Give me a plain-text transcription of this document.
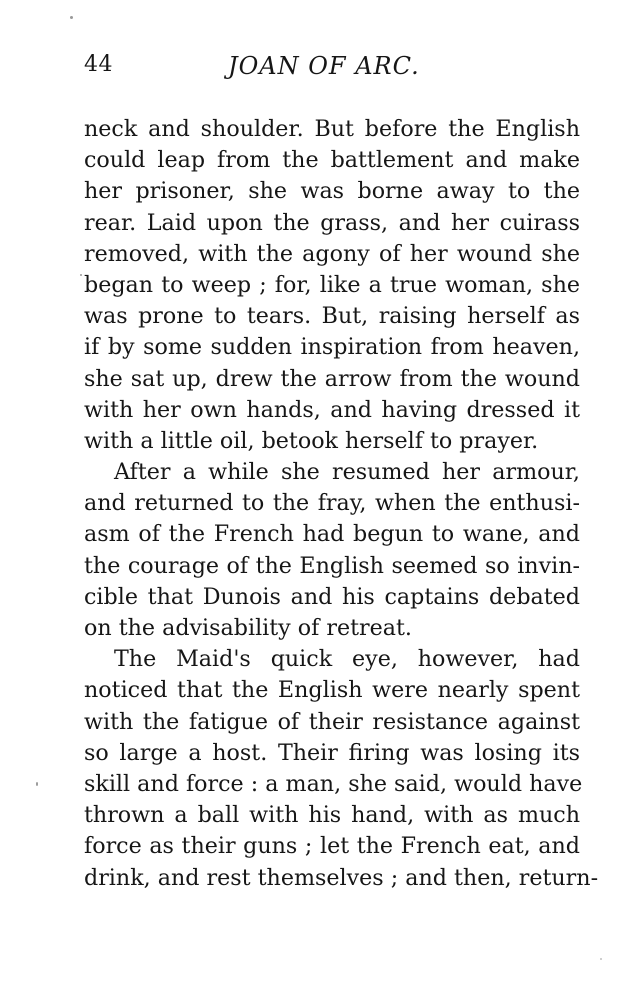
44	JOAN OF ARC.
neck and shoulder. But before the English
could leap from the battlement and make
her prisoner, she was borne away to the
rear. Laid upon the grass, and her cuirass
removed, with the agony of her wound she
began to weep ; for, like a true woman, she
was prone to tears. But, raising herself as
if by some sudden inspiration from heaven,
she sat up, drew the arrow from the wound
with her own hands, and having dressed it
with a little oil, betook herself to prayer.
After a while she resumed her armour,
and returned to the fray, when the enthusi-
asm of the French had begun to wane, and
the courage of the English seemed so invin-
cible that Dunois and his captains debated
on the advisability of retreat.
The Maid's quick eye, however, had
noticed that the English were nearly spent
with the fatigue of their resistance against
so large a host. Their firing was losing its
skill and force : a man, she said, would have
thrown a ball with his hand, with as much
force as their guns ; let the French eat, and
drink, and rest themselves ; and then, return-
